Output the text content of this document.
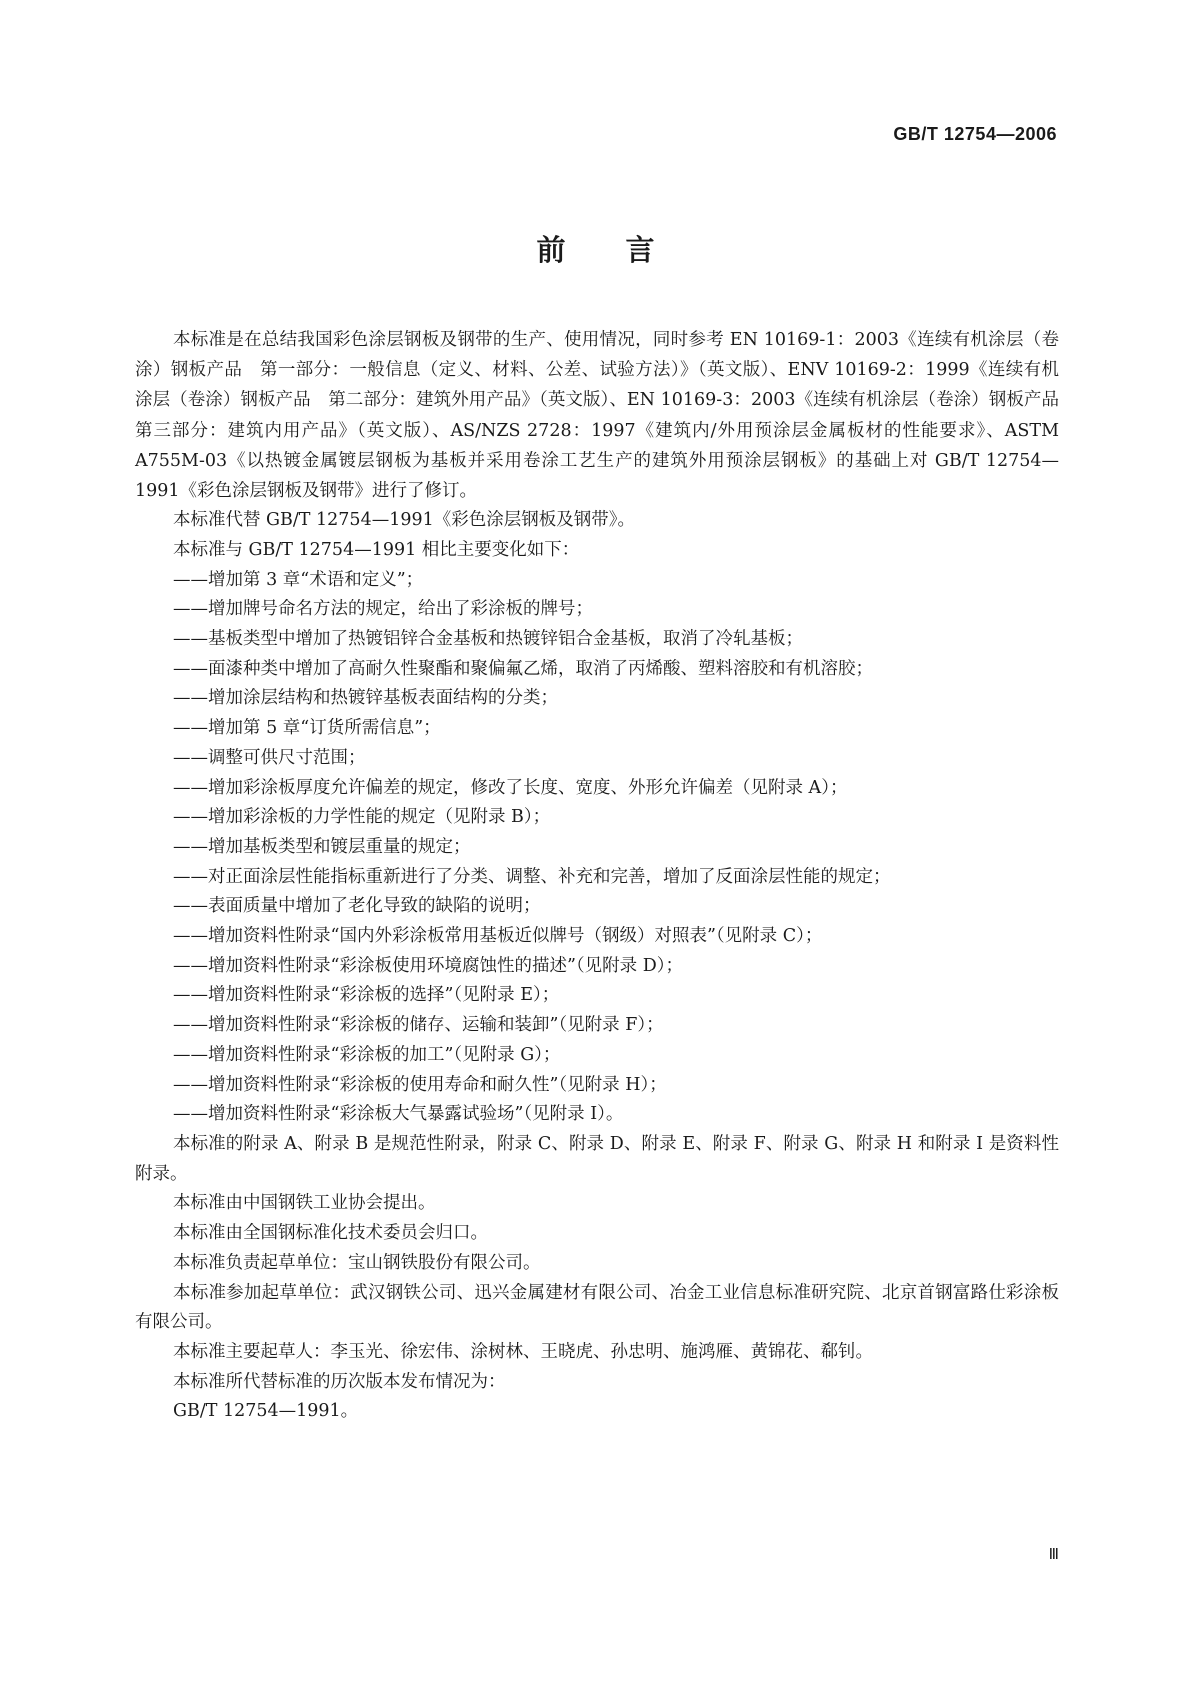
GB/T 12754—2006

前言

本标准是在总结我国彩色涂层钢板及钢带的生产、使用情况，同时参考 EN 10169-1：2003《连续有机涂层（卷涂）钢板产品　第一部分：一般信息（定义、材料、公差、试验方法）》（英文版）、ENV 10169-2：1999《连续有机涂层（卷涂）钢板产品　第二部分：建筑外用产品》（英文版）、EN 10169-3：2003《连续有机涂层（卷涂）钢板产品　第三部分：建筑内用产品》（英文版）、AS/NZS 2728：1997《建筑内/外用预涂层金属板材的性能要求》、ASTM A755M-03《以热镀金属镀层钢板为基板并采用卷涂工艺生产的建筑外用预涂层钢板》的基础上对 GB/T 12754—1991《彩色涂层钢板及钢带》进行了修订。

本标准代替 GB/T 12754—1991《彩色涂层钢板及钢带》。

本标准与 GB/T 12754—1991 相比主要变化如下：

——增加第 3 章“术语和定义”；
——增加牌号命名方法的规定，给出了彩涂板的牌号；
——基板类型中增加了热镀铝锌合金基板和热镀锌铝合金基板，取消了冷轧基板；
——面漆种类中增加了高耐久性聚酯和聚偏氟乙烯，取消了丙烯酸、塑料溶胶和有机溶胶；
——增加涂层结构和热镀锌基板表面结构的分类；
——增加第 5 章“订货所需信息”；
——调整可供尺寸范围；
——增加彩涂板厚度允许偏差的规定，修改了长度、宽度、外形允许偏差（见附录 A）；
——增加彩涂板的力学性能的规定（见附录 B）；
——增加基板类型和镀层重量的规定；
——对正面涂层性能指标重新进行了分类、调整、补充和完善，增加了反面涂层性能的规定；
——表面质量中增加了老化导致的缺陷的说明；
——增加资料性附录“国内外彩涂板常用基板近似牌号（钢级）对照表”（见附录 C）；
——增加资料性附录“彩涂板使用环境腐蚀性的描述”（见附录 D）；
——增加资料性附录“彩涂板的选择”（见附录 E）；
——增加资料性附录“彩涂板的储存、运输和装卸”（见附录 F）；
——增加资料性附录“彩涂板的加工”（见附录 G）；
——增加资料性附录“彩涂板的使用寿命和耐久性”（见附录 H）；
——增加资料性附录“彩涂板大气暴露试验场”（见附录 I）。

本标准的附录 A、附录 B 是规范性附录，附录 C、附录 D、附录 E、附录 F、附录 G、附录 H 和附录 I 是资料性附录。

本标准由中国钢铁工业协会提出。

本标准由全国钢标准化技术委员会归口。

本标准负责起草单位：宝山钢铁股份有限公司。

本标准参加起草单位：武汉钢铁公司、迅兴金属建材有限公司、冶金工业信息标准研究院、北京首钢富路仕彩涂板有限公司。

本标准主要起草人：李玉光、徐宏伟、涂树林、王晓虎、孙忠明、施鸿雁、黄锦花、郗钊。

本标准所代替标准的历次版本发布情况为：

GB/T 12754—1991。

Ⅲ
